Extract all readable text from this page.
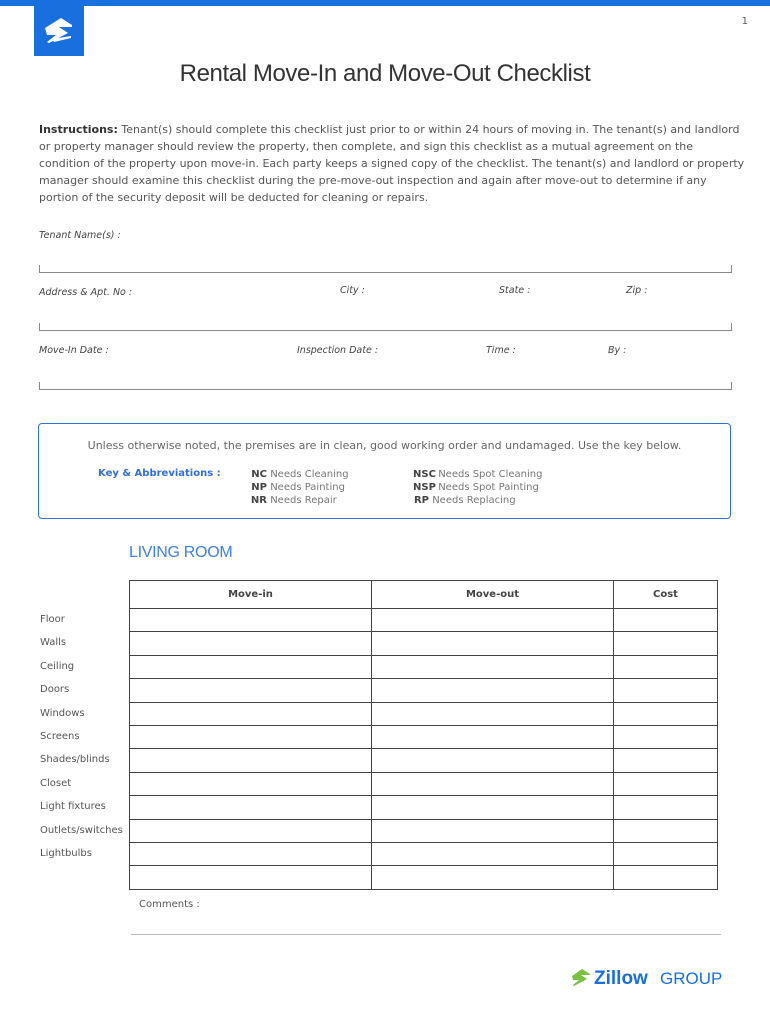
1
Rental Move-In and Move-Out Checklist
Instructions: Tenant(s) should complete this checklist just prior to or within 24 hours of moving in. The tenant(s) and landlord or property manager should review the property, then complete, and sign this checklist as a mutual agreement on the condition of the property upon move-in. Each party keeps a signed copy of the checklist. The tenant(s) and landlord or property manager should examine this checklist during the pre-move-out inspection and again after move-out to determine if any portion of the security deposit will be deducted for cleaning or repairs.
Tenant Name(s) :
Address & Apt. No :	City :	State :	Zip :
Move-In Date :	Inspection Date :	Time :	By :
Unless otherwise noted, the premises are in clean, good working order and undamaged. Use the key below.
Key & Abbreviations :	NC Needs Cleaning
NP Needs Painting
NR Needs Repair
NSC Needs Spot Cleaning
NSP Needs Spot Painting
RP Needs Replacing
LIVING ROOM
Move-in	Move-out	Cost

Floor
Walls
Ceiling
Doors
Windows
Screens
Shades/blinds
Closet
Light fixtures
Outlets/switches
Lightbulbs
Comments :
Zillow GROUP
